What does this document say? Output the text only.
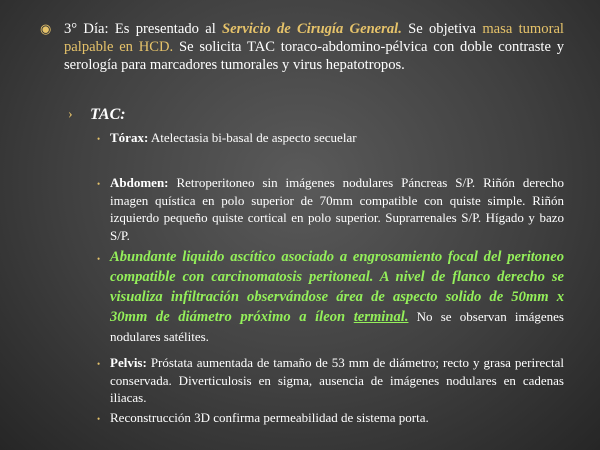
◉ 3° Día: Es presentado al Servicio de Cirugía General. Se objetiva masa tumoral palpable en HCD. Se solicita TAC toraco-abdomino-pélvica con doble contraste y serología para marcadores tumorales y virus hepatotropos.
› TAC:
• Tórax: Atelectasia bi-basal de aspecto secuelar
• Abdomen: Retroperitoneo sin imágenes nodulares Páncreas S/P. Riñón derecho imagen quística en polo superior de 70mm compatible con quiste simple. Riñón izquierdo pequeño quiste cortical en polo superior. Suprarrenales S/P. Hígado y bazo S/P.
• Abundante liquido ascítico asociado a engrosamiento focal del peritoneo compatible con carcinomatosis peritoneal. A nivel de flanco derecho se visualiza infiltración observándose área de aspecto solido de 50mm x 30mm de diámetro próximo a íleon terminal. No se observan imágenes nodulares satélites.
• Pelvis: Próstata aumentada de tamaño de 53 mm de diámetro; recto y grasa perirectal conservada. Diverticulosis en sigma, ausencia de imágenes nodulares en cadenas iliacas.
• Reconstrucción 3D confirma permeabilidad de sistema porta.
